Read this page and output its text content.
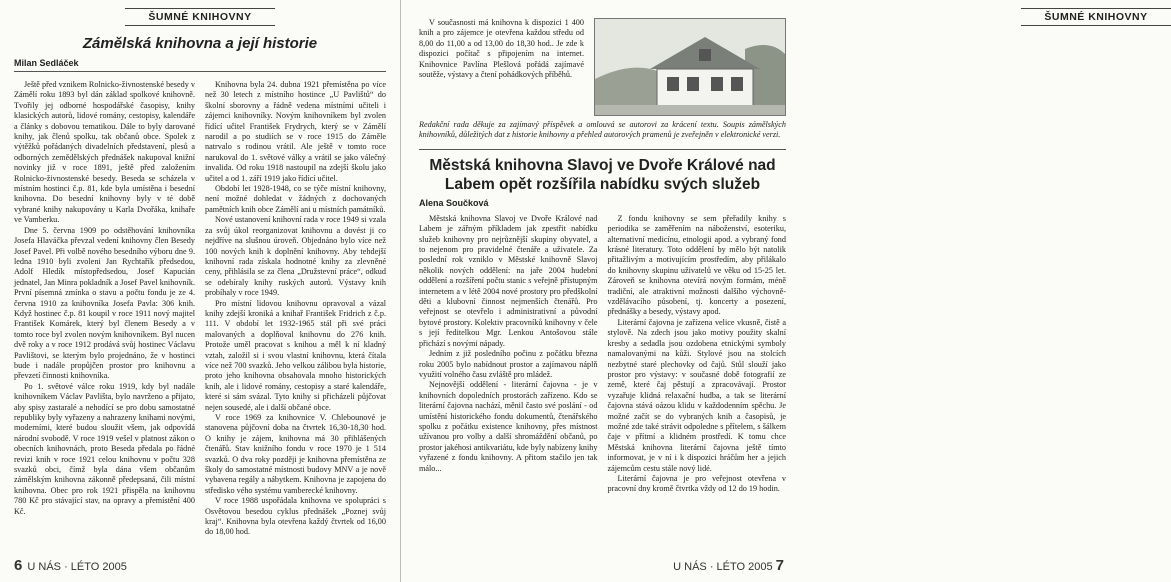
ŠUMNÉ KNIHOVNY
Zámělská knihovna a její historie
Milan Sedláček

Ještě před vznikem Rolnicko-živnostenské besedy v Zámělí roku 1893 byl dán základ spolkové knihovně. Tvořily jej odborné hospodářské časopisy, knihy klasických autorů, lidové romány, cestopisy, kalendáře a články s dobovou tematikou. Dále to byly darované knihy, jak členů spolku, tak občanů obce. Spolek z výtěžků pořádaných divadelních představení, plesů a odborných zemědělských přednášek nakupoval knižní novinky již v roce 1891, ještě před založením Rolnicko-živnostenské besedy. Beseda se scházela v místním hostinci č.p. 81, kde byla umístěna i besední knihovna. Do besední knihovny byly v té době vybrané knihy nakupovány u Karla Dvořáka, knihaře ve Vamberku.

Dne 5. června 1909 po odstěhování knihovníka Josefa Hlaváčka převzal vedení knihovny člen Besedy Josef Pavel. Při volbě nového besedního výboru dne 9. ledna 1910 byli zvoleni Jan Rychtařík předsedou, Adolf Hledík místopředsedou, Josef Kapucián jednatel, Jan Minra pokladník a Josef Pavel knihovník. První písemná zmínka o stavu a počtu fondu je ze 4. června 1910 za knihovníka Josefa Pavla: 306 knih. Když hostinec č.p. 81 koupil v roce 1911 nový majitel František Komárek, který byl členem Besedy a v tomto roce byl zvolen novým knihovníkem. Byl nucen dvě roky a v roce 1912 prodává svůj hostinec Václavu Pavlištovi, se kterým bylo projednáno, že v hostinci bude i nadále propůjčen prostor pro knihovnu a převzetí činnosti knihovníka.

Po 1. světové válce roku 1919, kdy byl nadále knihovníkem Václav Pavlišta, bylo navrženo a přijato, aby spisy zastaralé a nehodící se pro dobu samostatné republiky byly vyřazeny a nahrazeny knihami novými, moderními, které budou sloužit všem, jak odpovídá národní svobodě. V roce 1919 vešel v platnost zákon o obecních knihovnách, proto Beseda předala po řádné revizi knih v roce 1921 celou knihovnu v počtu 328 svazků obci, čímž byla dána všem občanům zámělským knihovna zákonně předepsaná, čili místní knihovna. Obec pro rok 1921 přispěla na knihovnu 780 Kč pro stávající stav, na opravy a přemístění 400 Kč.

Knihovna byla 24. dubna 1921 přemístěna po více než 30 letech z místního hostince „U Pavlištů“ do školní sborovny a řádně vedena místními učiteli i zájemci knihovníky. Novým knihovníkem byl zvolen řídící učitel František Frydrych, který se v Zámělí narodil a po studiích se v roce 1915 do Záměle natrvalo s rodinou vrátil. Ale ještě v tomto roce narukoval do 1. světové války a vrátil se jako válečný invalida. Od roku 1918 nastoupil na zdejší školu jako učitel a od 1. září 1919 jako řídící učitel.

Období let 1928-1948, co se týče místní knihovny, není možné dohledat v žádných z dochovaných pamětních knih obce Zámělí ani u místních památníků.

Nové ustanovení knihovní rada v roce 1949 si vzala za svůj úkol reorganizovat knihovnu a dovést ji co nejdříve na slušnou úroveň. Objednáno bylo více než 100 nových knih k doplnění knihovny. Aby tehdejší knihovní rada získala hodnotné knihy za zlevněné ceny, přihlásila se za člena „Družstevní práce“, odkud se odebíraly knihy ruských autorů. Výstavy knih probíhaly v roce 1949.

Pro místní lidovou knihovnu opravoval a vázal knihy zdejší kroniká a knihař František Fridrich z č.p. 111. V období let 1932-1965 stál při své práci malovaných a doplňoval knihovnu do 276 knih. Protože uměl pracovat s knihou a měl k ní kladný vztah, založil si i svou vlastní knihovnu, která čítala více než 700 svazků. Jeho velkou zálibou byla historie, proto jeho knihovna obsahovala mnoho historických knih, ale i lidové romány, cestopisy a staré kalendáře, které si sám svázal. Tyto knihy si přicházeli půjčovat nejen sousedé, ale i další občané obce.

V roce 1969 za knihovnice V. Chlebounové je stanovena půjčovní doba na čtvrtek 16,30-18,30 hod. O knihy je zájem, knihovna má 30 přihlášených čtenářů. Stav knižního fondu v roce 1970 je 1 514 svazků. O dva roky později je knihovna přemístěna ze školy do samostatné místnosti budovy MNV a je nově vybavena regály a nábytkem. Knihovna je zapojena do středisko vého systému vamberecké knihovny.

V roce 1988 uspořádala knihovna ve spolupráci s Osvětovou besedou cyklus přednášek „Poznej svůj kraj“. Knihovna byla otevřena každý čtvrtek od 16,00 do 18,00 hod.

6 U NÁS · LÉTO 2005
ŠUMNÉ KNIHOVNY

V současnosti má knihovna k dispozici 1 400 knih a pro zájemce je otevřena každou středu od 8,00 do 11,00 a od 13,00 do 18,30 hod.. Je zde k dispozici počítač s připojením na internet. Knihovnice Pavlína Plešlová pořádá zajímavé soutěže, výstavy a čtení pohádkových příběhů.

Redakční rada děkuje za zajímavý příspěvek a omlouvá se autorovi za krácení textu. Soupis zámělských knihovníků, důležitých dat z historie knihovny a přehled autorových pramenů je zveřejněn v elektronické verzi.
Městská knihovna Slavoj ve Dvoře Králové nad Labem opět rozšířila nabídku svých služeb
Alena Součková

Městská knihovna Slavoj ve Dvoře Králové nad Labem je zářným příkladem jak zpestřit nabídku služeb knihovny pro nejrůznější skupiny obyvatel, a to nejenom pro pravidelné čtenáře a uživatele. Za poslední rok vzniklo v Městské knihovně Slavoj několik nových oddělení: na jaře 2004 hudební oddělení a rozšíření počtu stanic s veřejně přístupným internetem a v létě 2004 nové prostory pro předškolní děti a klubovní činnost nejmenších čtenářů. Pro veřejnost se otevřelo i administrativní a původní bytové prostory. Kolektiv pracovníků knihovny v čele s její ředitelkou Mgr. Lenkou Antošovou stále přichází s novými nápady.

Jedním z již posledního počinu z počátku března roku 2005 bylo nabídnout prostor a zajímavou náplň využití volného času zvláště pro mládež.

Nejnovější oddělení - literární čajovna - je v knihovních dopoledních prostorách zařízeno. Kdo se literární čajovna nachází, měnil často své poslání - od umístění historického fondu dokumentů, čtenářského spolku z počátku existence knihovny, přes místnost užívanou pro volby a další shromáždění občanů, po prostor jakéhosi antikvariátu, kde byly nabízeny knihy vyřazené z fondu knihovny. A přitom stačilo jen tak málo...

Z fondu knihovny se sem přeřadily knihy s periodika se zaměřením na náboženství, esoteriku, alternativní medicínu, etnologii apod. a vybraný fond krásné literatury. Toto oddělení by mělo být natolik přitažlivým a motivujícím prostředím, aby přilákalo do knihovny skupinu uživatelů ve věku od 15-25 let. Zároveň se knihovna otevírá novým formám, méně tradiční, ale atraktivní možnosti dalšího výchovně-vzdělávacího působení, tj. koncerty a posezení, přednášky a besedy, výstavy apod.

Literární čajovna je zařízena velice vkusně, čistě a stylově. Na zdech jsou jako motivy použity skalní kresby a sedadla jsou ozdobena etnickými symboly namalovanými na kůži. Stylové jsou na stolcích nezbytné staré plechovky od čajů. Stůl slouží jako prostor pro výstavy: v současné době fotografií ze země, které čaj pěstují a zpracovávají. Prostor vyzařuje klidná relaxační hudba, a tak se literární čajovna stává oázou klidu v každodenním spěchu. Je možné začít se do vybraných knih a časopisů, je možné zde také strávit odpoledne s přítelem, s šálkem čaje v přítmí a klidném prostředí. K tomu chce Městská knihovna literární čajovna ještě tímto informovat, je v ní i k dispozici hráčům her a jejich zájemcům cestu stále nový lidé.

Literární čajovna je pro veřejnost otevřena v pracovní dny kromě čtvrtka vždy od 12 do 19 hodin.

U NÁS · LÉTO 2005 7
